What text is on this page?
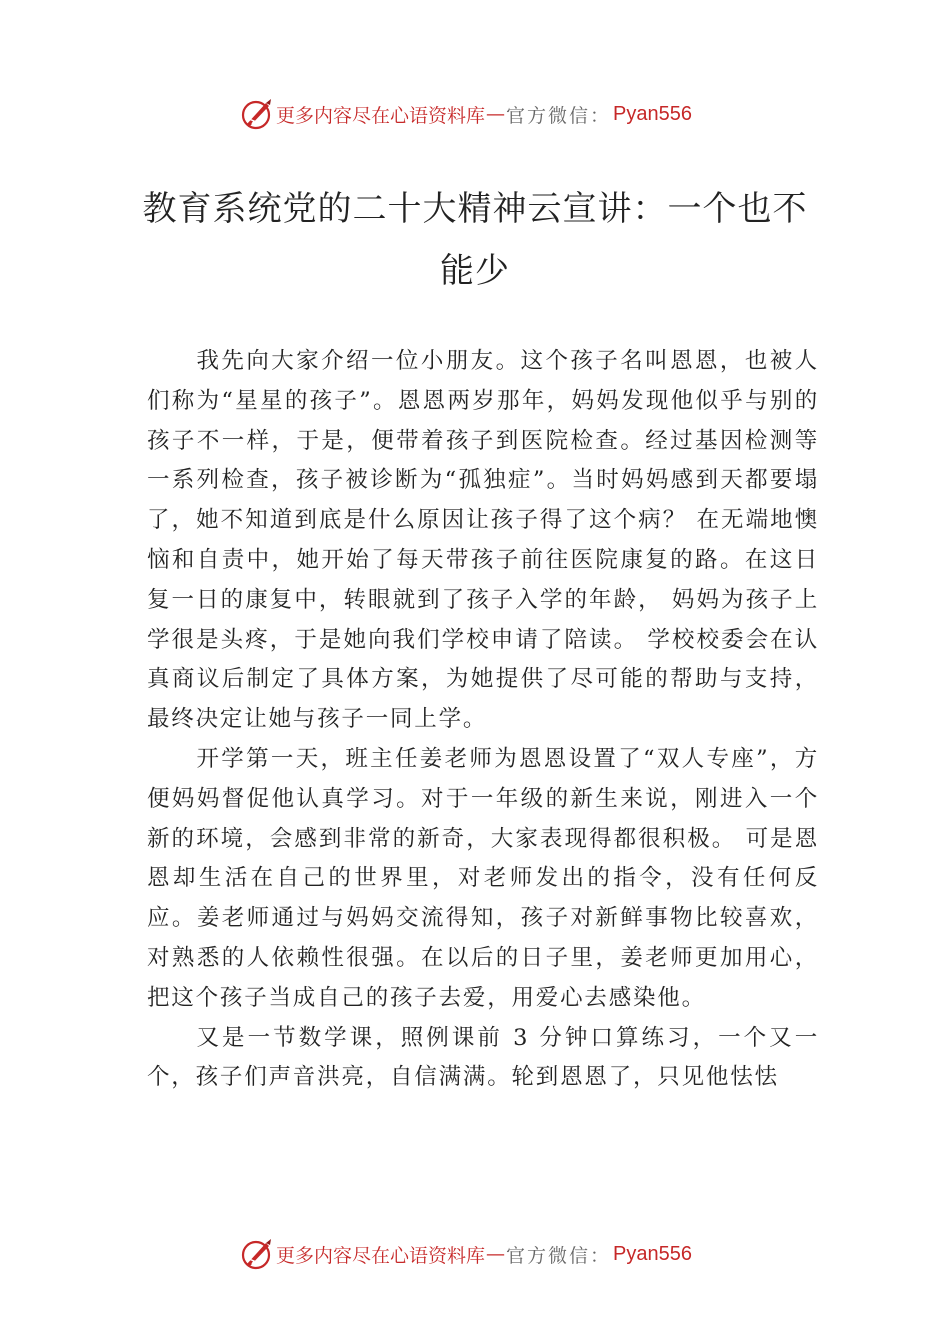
更多内容尽在心语资料库 — 官方微信： Pyan556
教育系统党的二十大精神云宣讲：一个也不能少

我先向大家介绍一位小朋友。这个孩子名叫恩恩，也被人们称为“星星的孩子”。恩恩两岁那年，妈妈发现他似乎与别的孩子不一样，于是，便带着孩子到医院检查。经过基因检测等一系列检查，孩子被诊断为“孤独症”。当时妈妈感到天都要塌了，她不知道到底是什么原因让孩子得了这个病？ 在无端地懊恼和自责中，她开始了每天带孩子前往医院康复的路。在这日复一日的康复中，转眼就到了孩子入学的年龄， 妈妈为孩子上学很是头疼，于是她向我们学校申请了陪读。 学校校委会在认真商议后制定了具体方案，为她提供了尽可能的帮助与支持，最终决定让她与孩子一同上学。

开学第一天，班主任姜老师为恩恩设置了“双人专座”，方便妈妈督促他认真学习。对于一年级的新生来说，刚进入一个新的环境，会感到非常的新奇，大家表现得都很积极。 可是恩恩却生活在自己的世界里，对老师发出的指令，没有任何反应。姜老师通过与妈妈交流得知，孩子对新鲜事物比较喜欢，对熟悉的人依赖性很强。在以后的日子里，姜老师更加用心，把这个孩子当成自己的孩子去爱，用爱心去感染他。

又是一节数学课，照例课前 3 分钟口算练习，一个又一个，孩子们声音洪亮，自信满满。轮到恩恩了，只见他怯怯

更多内容尽在心语资料库 — 官方微信： Pyan556
